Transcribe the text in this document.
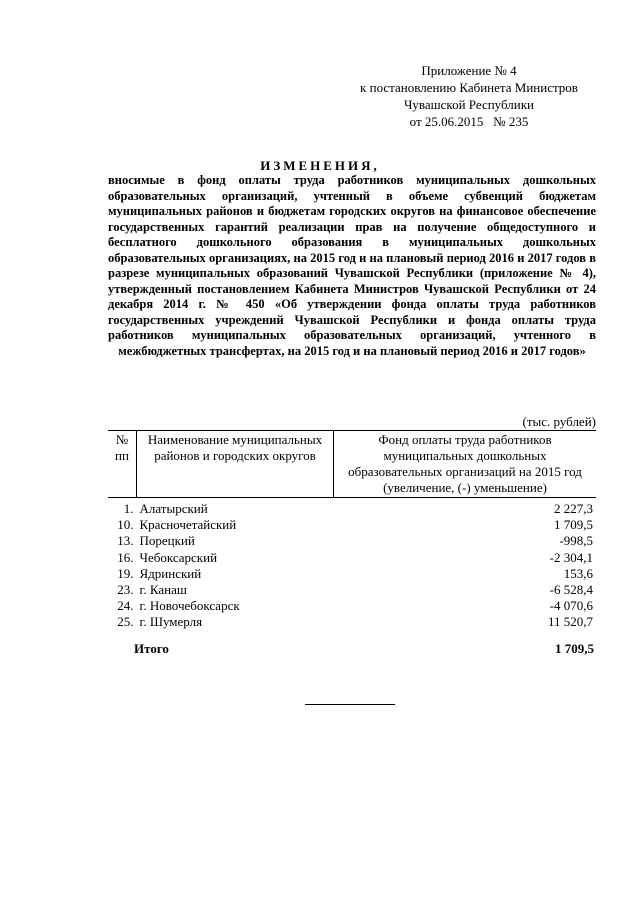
Приложение № 4
к постановлению Кабинета Министров
Чувашской Республики
от 25.06.2015   № 235
ИЗМЕНЕНИЯ,
вносимые в фонд оплаты труда работников муниципальных дошкольных образовательных организаций, учтенный в объеме субвенций бюджетам муниципальных районов и бюджетам городских округов на финансовое обеспечение государственных гарантий реализации прав на получение общедоступного и бесплатного дошкольного образования в муниципальных дошкольных образовательных организациях, на 2015 год и на плановый период 2016 и 2017 годов в разрезе муниципальных образований Чувашской Республики (приложение № 4), утвержденный постановлением Кабинета Министров Чувашской Республики от 24 декабря 2014 г. № 450 «Об утверждении фонда оплаты труда работников государственных учреждений Чувашской Республики и фонда оплаты труда работников муниципальных образовательных организаций, учтенного в межбюджетных трансфертах, на 2015 год и на плановый период 2016 и 2017 годов»
(тыс. рублей)
№ пп	Наименование муниципальных районов и городских округов	Фонд оплаты труда работников муниципальных дошкольных образовательных организаций на 2015 год (увеличение, (-) уменьшение)
1.	Алатырский	2 227,3
10.	Красночетайский	1 709,5
13.	Порецкий	-998,5
16.	Чебоксарский	-2 304,1
19.	Ядринский	153,6
23.	г. Канаш	-6 528,4
24.	г. Новочебоксарск	-4 070,6
25.	г. Шумерля	11 520,7
Итого	1 709,5
